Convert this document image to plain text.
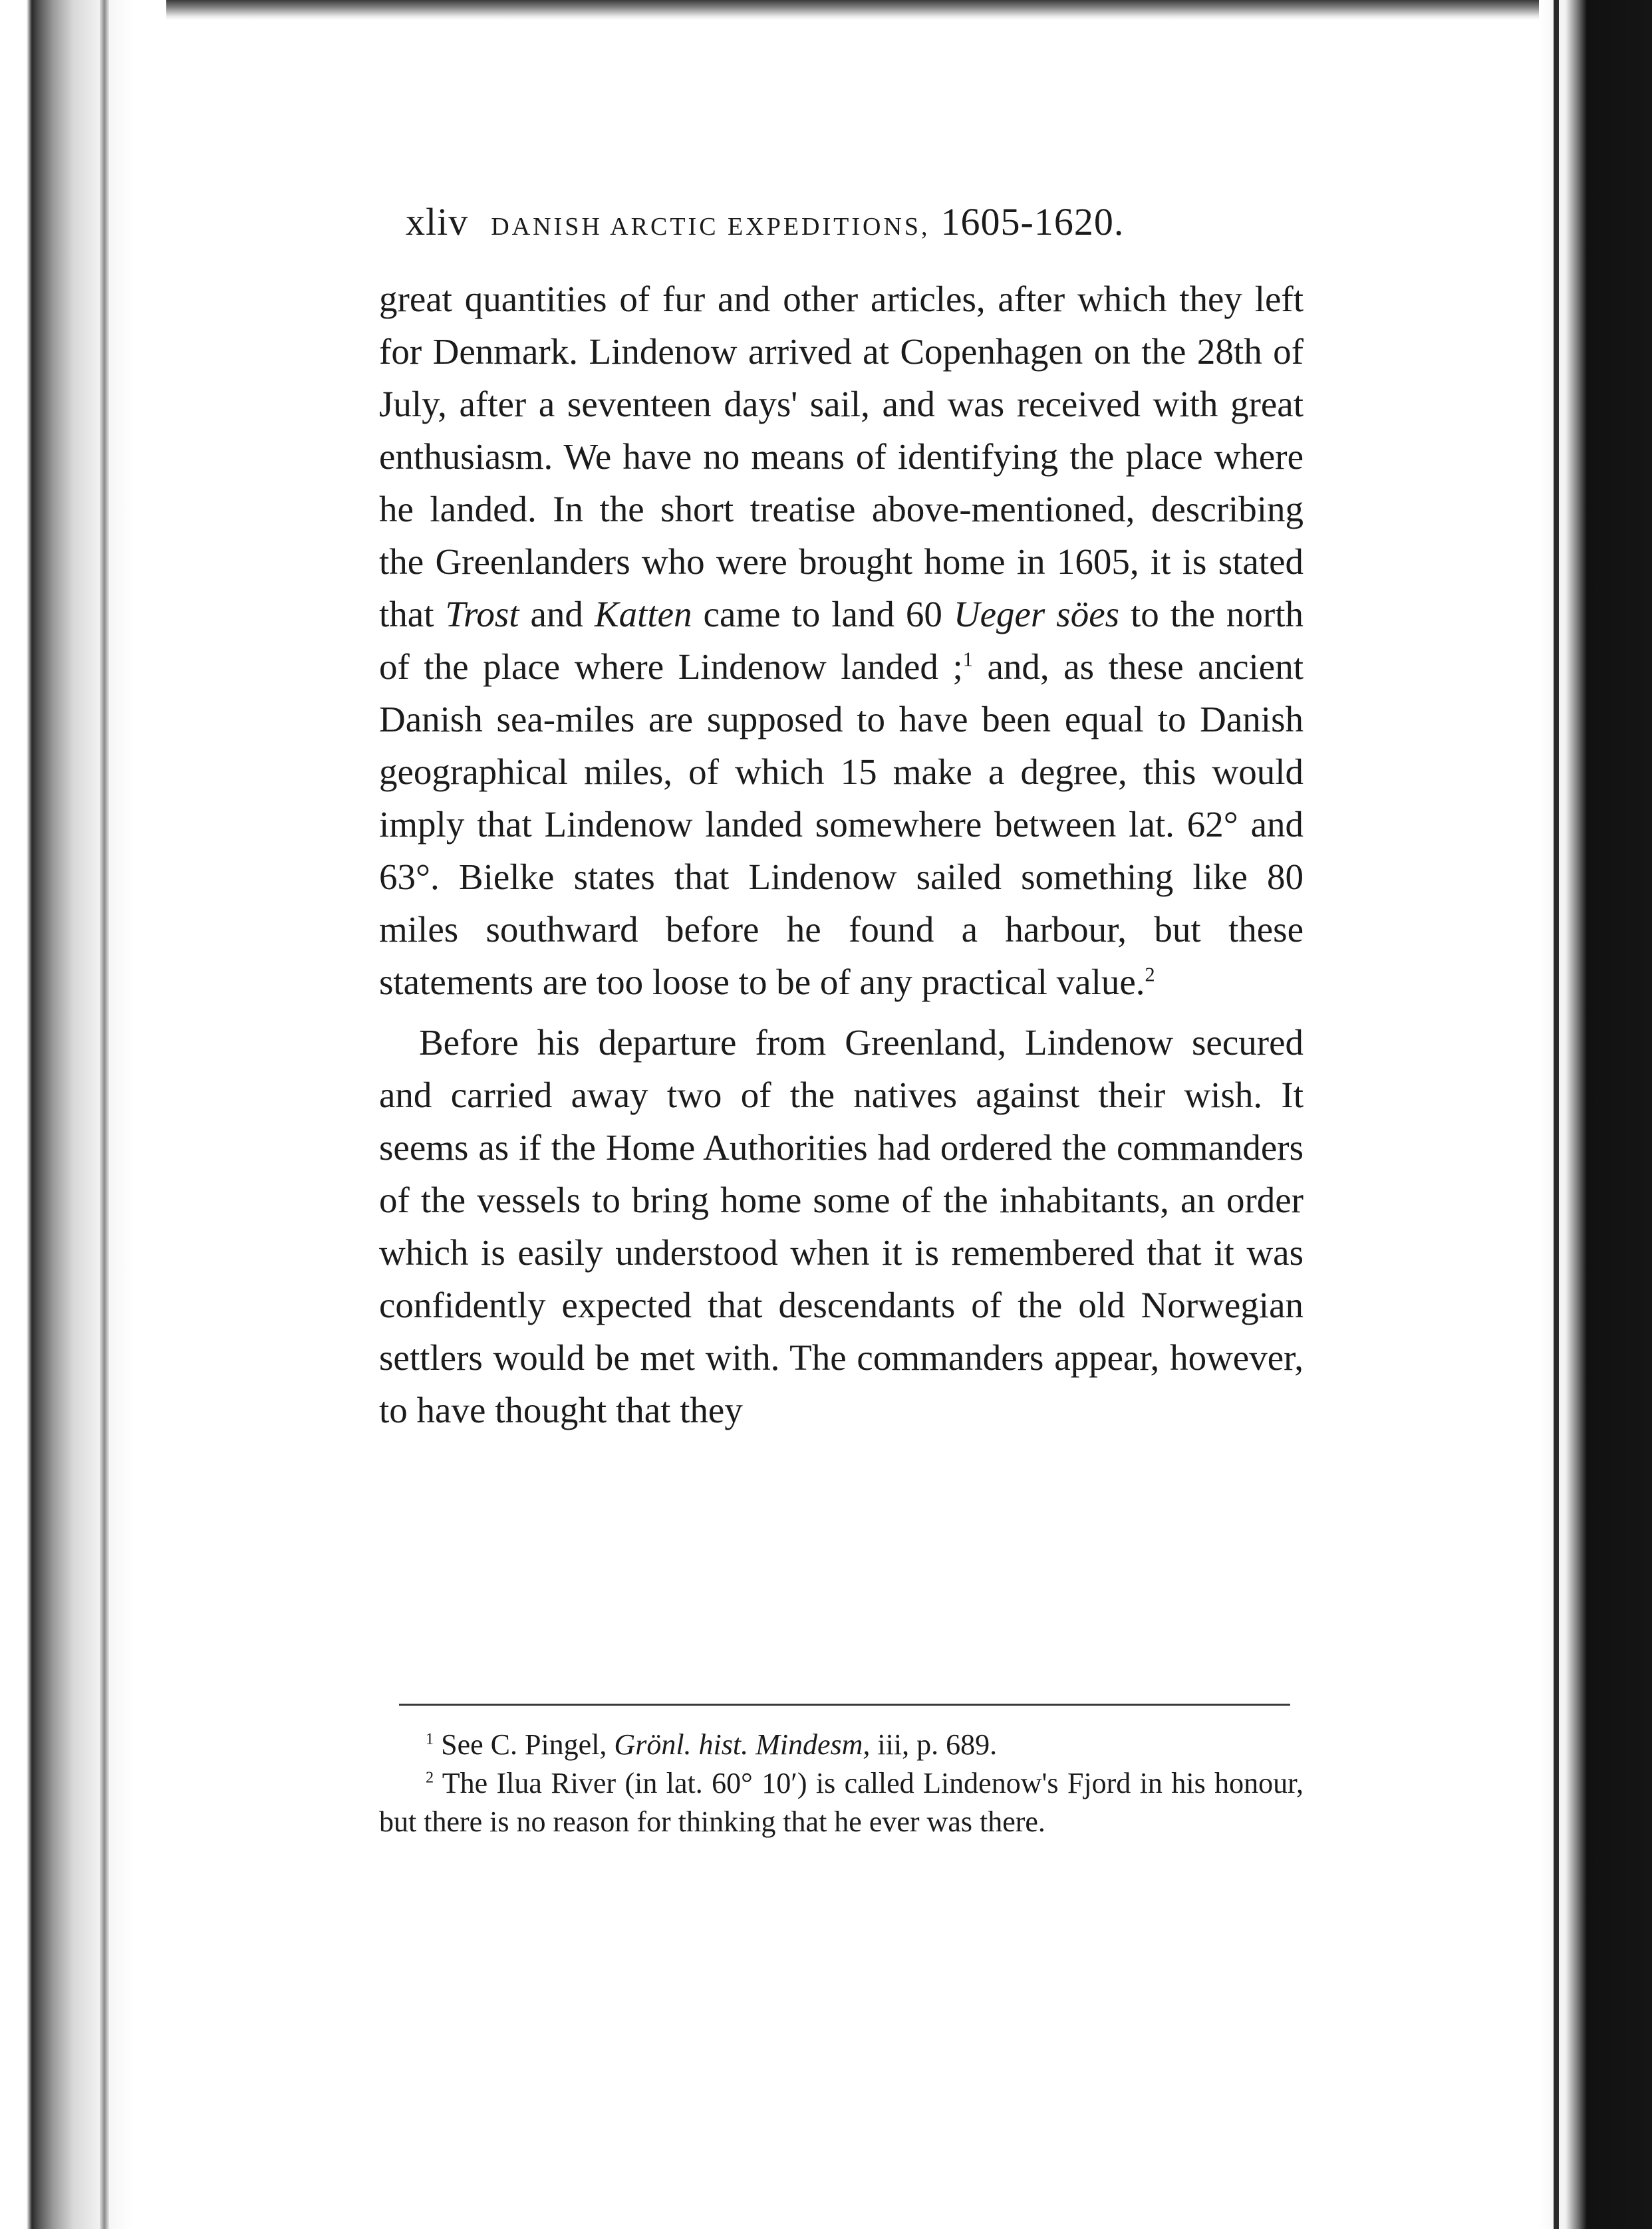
xliv DANISH ARCTIC EXPEDITIONS, 1605-1620.

great quantities of fur and other articles, after which they left for Denmark. Lindenow arrived at Copenhagen on the 28th of July, after a seventeen days' sail, and was received with great enthusiasm. We have no means of identifying the place where he landed. In the short treatise above-mentioned, describing the Greenlanders who were brought home in 1605, it is stated that Trost and Katten came to land 60 Ueger söes to the north of the place where Lindenow landed ;$^1$ and, as these ancient Danish sea-miles are supposed to have been equal to Danish geographical miles, of which 15 make a degree, this would imply that Lindenow landed somewhere between lat. 62° and 63°. Bielke states that Lindenow sailed something like 80 miles southward before he found a harbour, but these statements are too loose to be of any practical value.$^2$

Before his departure from Greenland, Lindenow secured and carried away two of the natives against their wish. It seems as if the Home Authorities had ordered the commanders of the vessels to bring home some of the inhabitants, an order which is easily understood when it is remembered that it was confidently expected that descendants of the old Norwegian settlers would be met with. The commanders appear, however, to have thought that they

$^1$ See C. Pingel, Grönl. hist. Mindesm, iii, p. 689.

$^2$ The Ilua River (in lat. 60° 10′) is called Lindenow's Fjord in his honour, but there is no reason for thinking that he ever was there.
